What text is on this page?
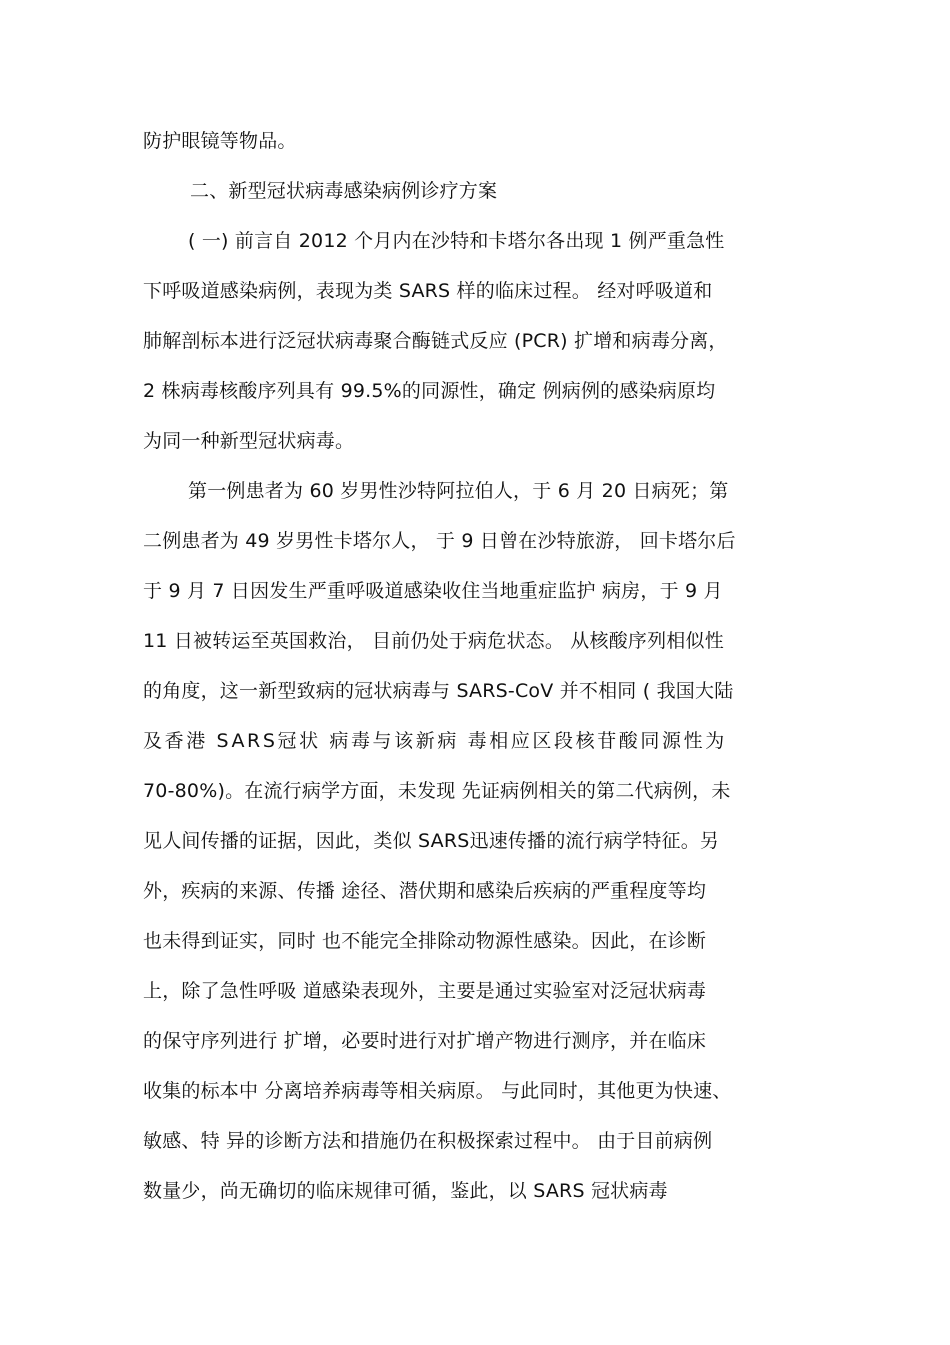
防护眼镜等物品。
二、新型冠状病毒感染病例诊疗方案
( 一) 前言自 2012 个月内在沙特和卡塔尔各出现 1 例严重急性
下呼吸道感染病例，表现为类 SARS 样的临床过程。 经对呼吸道和
肺解剖标本进行泛冠状病毒聚合酶链式反应 (PCR) 扩增和病毒分离，
2 株病毒核酸序列具有 99.5%的同源性，确定 例病例的感染病原均
为同一种新型冠状病毒。
第一例患者为 60 岁男性沙特阿拉伯人，于 6 月 20 日病死；第
二例患者为 49 岁男性卡塔尔人， 于 9 日曾在沙特旅游， 回卡塔尔后
于 9 月 7 日因发生严重呼吸道感染收住当地重症监护 病房，于 9 月
11 日被转运至英国救治， 目前仍处于病危状态。 从核酸序列相似性
的角度，这一新型致病的冠状病毒与 SARS-CoV 并不相同 ( 我国大陆
及香港 SARS冠状 病毒与该新病 毒相应区段核苷酸同源性为
70-80%)。在流行病学方面，未发现 先证病例相关的第二代病例，未
见人间传播的证据，因此，类似 SARS迅速传播的流行病学特征。另
外，疾病的来源、传播 途径、潜伏期和感染后疾病的严重程度等均
也未得到证实，同时 也不能完全排除动物源性感染。因此，在诊断
上，除了急性呼吸 道感染表现外，主要是通过实验室对泛冠状病毒
的保守序列进行 扩增，必要时进行对扩增产物进行测序，并在临床
收集的标本中 分离培养病毒等相关病原。 与此同时，其他更为快速、
敏感、特 异的诊断方法和措施仍在积极探索过程中。 由于目前病例
数量少，尚无确切的临床规律可循，鉴此，以 SARS 冠状病毒
